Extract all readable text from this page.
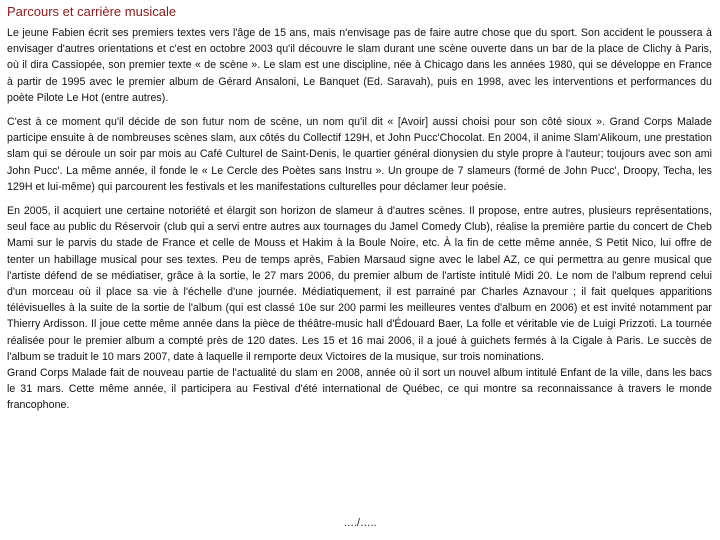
Parcours et carrière musicale

Le jeune Fabien écrit ses premiers textes vers l'âge de 15 ans, mais n'envisage pas de faire autre chose que du sport. Son accident le poussera à envisager d'autres orientations et c'est en octobre 2003 qu'il découvre le slam durant une scène ouverte dans un bar de la place de Clichy à Paris, où il dira Cassiopée, son premier texte « de scène ». Le slam est une discipline, née à Chicago dans les années 1980, qui se développe en France à partir de 1995 avec le premier album de Gérard Ansaloni, Le Banquet (Ed. Saravah), puis en 1998, avec les interventions et performances du poète Pilote Le Hot (entre autres).

C'est à ce moment qu'il décide de son futur nom de scène, un nom qu'il dit « [Avoir] aussi choisi pour son côté sioux ». Grand Corps Malade participe ensuite à de nombreuses scènes slam, aux côtés du Collectif 129H, et John Pucc'Chocolat. En 2004, il anime Slam'Alikoum, une prestation slam qui se déroule un soir par mois au Café Culturel de Saint-Denis, le quartier général dionysien du style propre à l'auteur; toujours avec son ami John Pucc'. La même année, il fonde le « Le Cercle des Poètes sans Instru ». Un groupe de 7 slameurs (formé de John Pucc', Droopy, Techa, les 129H et lui-même) qui parcourent les festivals et les manifestations culturelles pour déclamer leur poésie.

En 2005, il acquiert une certaine notoriété et élargit son horizon de slameur à d'autres scènes. Il propose, entre autres, plusieurs représentations, seul face au public du Réservoir (club qui a servi entre autres aux tournages du Jamel Comedy Club), réalise la première partie du concert de Cheb Mami sur le parvis du stade de France et celle de Mouss et Hakim à la Boule Noire, etc. À la fin de cette même année, S Petit Nico, lui offre de tenter un habillage musical pour ses textes. Peu de temps après, Fabien Marsaud signe avec le label AZ, ce qui permettra au genre musical que l'artiste défend de se médiatiser, grâce à la sortie, le 27 mars 2006, du premier album de l'artiste intitulé Midi 20. Le nom de l'album reprend celui d'un morceau où il place sa vie à l'échelle d'une journée. Médiatiquement, il est parrainé par Charles Aznavour ; il fait quelques apparitions télévisuelles à la suite de la sortie de l'album (qui est classé 10e sur 200 parmi les meilleures ventes d'album en 2006) et est invité notamment par Thierry Ardisson. Il joue cette même année dans la pièce de théâtre-music hall d'Édouard Baer, La folle et véritable vie de Luigi Prizzoti. La tournée réalisée pour le premier album a compté près de 120 dates. Les 15 et 16 mai 2006, il a joué à guichets fermés à la Cigale à Paris. Le succès de l'album se traduit le 10 mars 2007, date à laquelle il remporte deux Victoires de la musique, sur trois nominations.

Grand Corps Malade fait de nouveau partie de l'actualité du slam en 2008, année où il sort un nouvel album intitulé Enfant de la ville, dans les bacs le 31 mars. Cette même année, il participera au Festival d'été international de Québec, ce qui montre sa reconnaissance à travers le monde francophone.

…./…..
